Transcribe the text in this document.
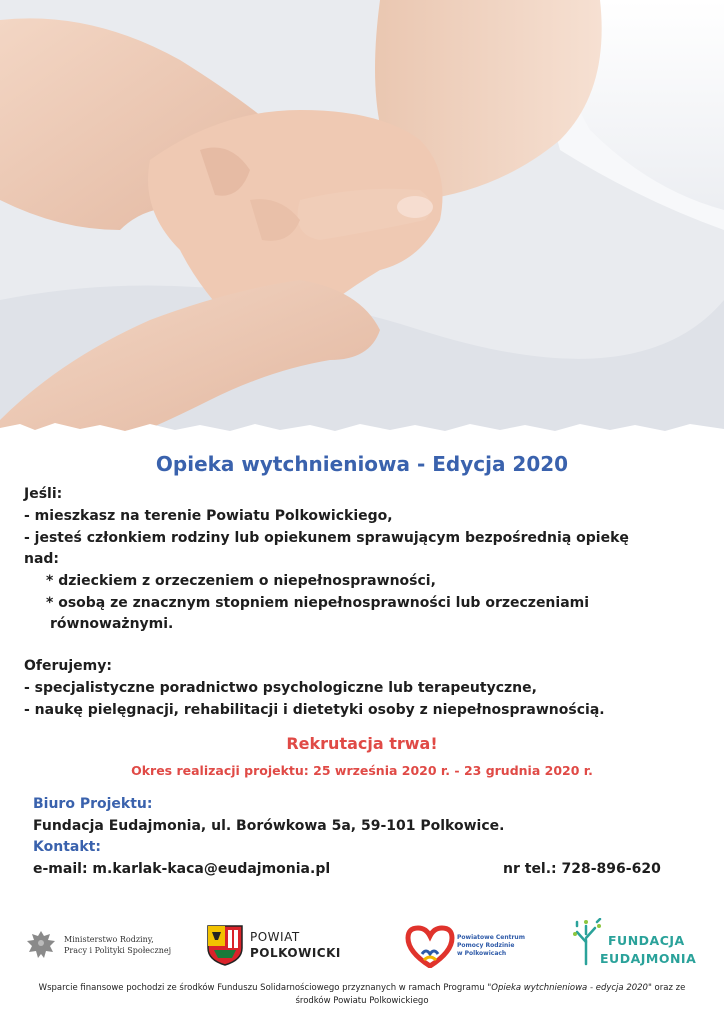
Opieka wytchnieniowa - Edycja 2020
Jeśli:
- mieszkasz na terenie Powiatu Polkowickiego,
- jesteś członkiem rodziny lub opiekunem sprawującym bezpośrednią opiekę
nad:
* dzieckiem z orzeczeniem o niepełnosprawności,
* osobą ze znacznym stopniem niepełnosprawności lub orzeczeniami
równoważnymi.
Oferujemy:
- specjalistyczne poradnictwo psychologiczne lub terapeutyczne,
- naukę pielęgnacji, rehabilitacji i dietetyki osoby z niepełnosprawnością.
Rekrutacja trwa!
Okres realizacji projektu: 25 września 2020 r. - 23 grudnia 2020 r.
Biuro Projektu:
Fundacja Eudajmonia, ul. Borówkowa 5a, 59-101 Polkowice.
Kontakt:
e-mail: m.karlak-kaca@eudajmonia.pl	nr tel.: 728-896-620
Ministerstwo Rodziny,
Pracy i Polityki Społecznej
POWIAT
POLKOWICKI
Powiatowe Centrum
Pomocy Rodzinie
w Polkowicach
FUNDACJA
EUDAJMONIA
Wsparcie finansowe pochodzi ze środków Funduszu Solidarnościowego przyznanych w ramach Programu "Opieka wytchnieniowa - edycja 2020" oraz ze środków Powiatu Polkowickiego
